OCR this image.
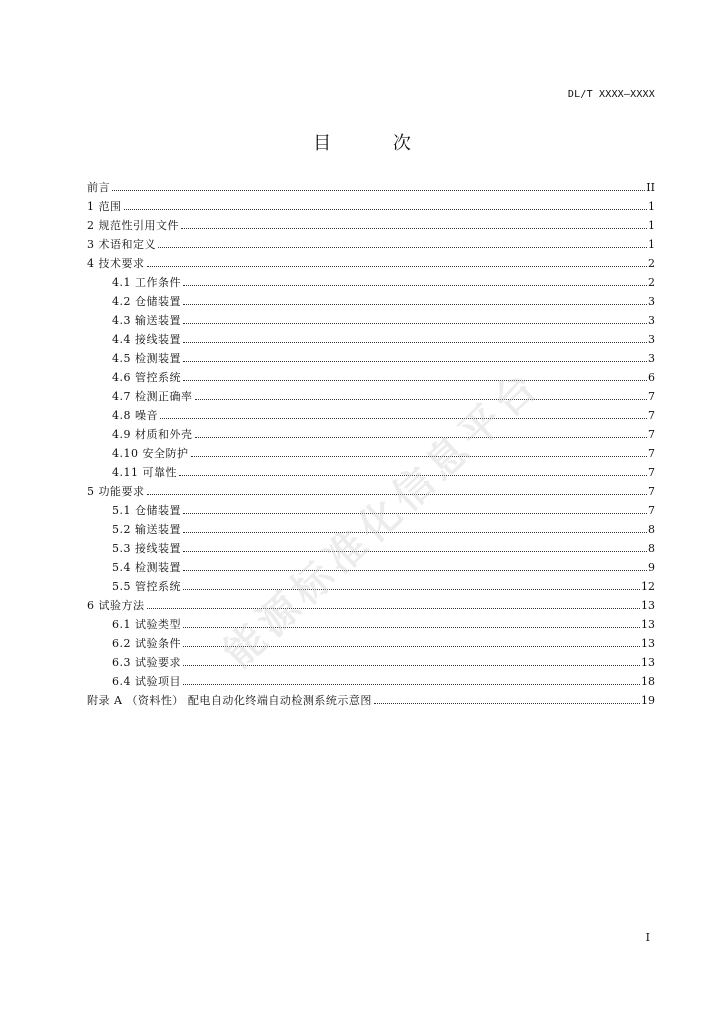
DL/T XXXX—XXXX
目 次
前言	II
1 范围	1
2 规范性引用文件	1
3 术语和定义	1
4 技术要求	2
4.1 工作条件	2
4.2 仓储装置	3
4.3 输送装置	3
4.4 接线装置	3
4.5 检测装置	3
4.6 管控系统	6
4.7 检测正确率	7
4.8 噪音	7
4.9 材质和外壳	7
4.10 安全防护	7
4.11 可靠性	7
5 功能要求	7
5.1 仓储装置	7
5.2 输送装置	8
5.3 接线装置	8
5.4 检测装置	9
5.5 管控系统	12
6 试验方法	13
6.1 试验类型	13
6.2 试验条件	13
6.3 试验要求	13
6.4 试验项目	18
附录 A （资料性） 配电自动化终端自动检测系统示意图	19
能源标准化信息平台
I
